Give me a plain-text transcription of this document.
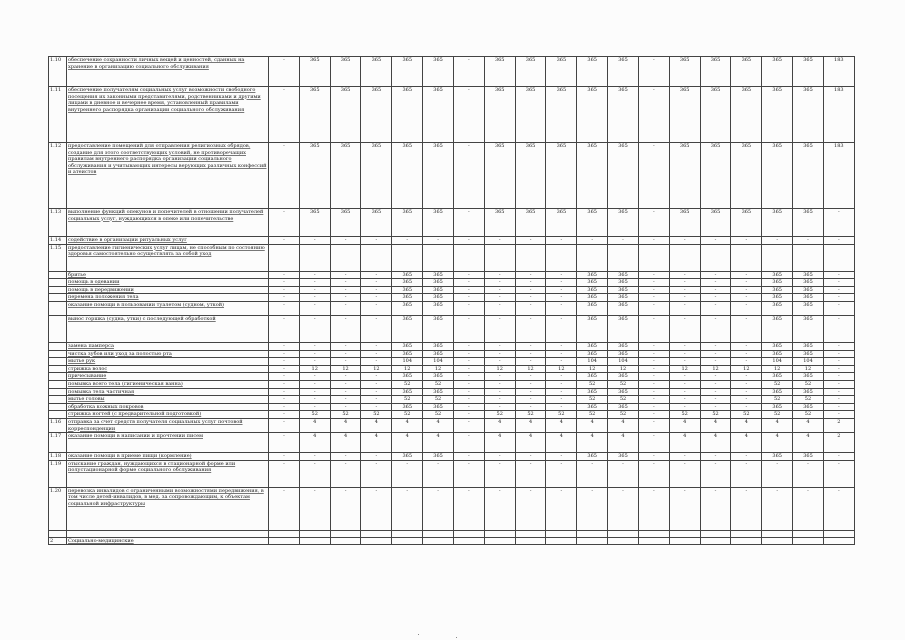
1.10	обеспечение сохранности личных вещей и ценностей, сданных на хранение в организацию социального обслуживания	-	365	365	365	365	365	-	365	365	365	365	365	-	365	365	365	365	365	183
1.11	обеспечение получателям социальных услуг возможности свободного посещения их законными представителями, родственниками и другими лицами в дневное и вечернее время, установленный правилами внутреннего распорядка организации социального обслуживания	-	365	365	365	365	365	-	365	365	365	365	365	-	365	365	365	365	365	183
1.12	предоставление помещений для отправления религиозных обрядов, создание для этого соответствующих условий, не противоречащих правилам внутреннего распорядка организации социального обслуживания и учитывающих интересы верующих различных конфессий и атеистов	-	365	365	365	365	365	-	365	365	365	365	365	-	365	365	365	365	365	183
1.13	выполнение функций опекунов и попечителей в отношении получателей социальных услуг, нуждающихся в опеке или попечительстве	-	365	365	365	365	365	-	365	365	365	365	365	-	365	365	365	365	365	-
1.14	содействие в организации ритуальных услуг	-	-	-	-	-	-	-	-	-	-	-	-	-	-	-	-	-	-	-
1.15	предоставление гигиенических услуг лицам, не способным по состоянию здоровья самостоятельно осуществлять за собой уход																			
	бритье	-	-	-	-	365	365	-	-	-	-	365	365	-	-	-	-	365	365	-
	помощь в одевании	-	-	-	-	365	365	-	-	-	-	365	365	-	-	-	-	365	365	-
	помощь в передвижении	-	-	-	-	365	365	-	-	-	-	365	365	-	-	-	-	365	365	-
	перемена положения тела	-	-	-	-	365	365	-	-	-	-	365	365	-	-	-	-	365	365	-
	оказание помощи в пользовании туалетом (судном, уткой)	-	-	-	-	365	365	-	-	-	-	365	365	-	-	-	-	365	365	-
	вынос горшка (судна, утки) с последующей обработкой	-	-	-	-	365	365	-	-	-	-	365	365	-	-	-	-	365	365	-
	замена памперса	-	-	-	-	365	365	-	-	-	-	365	365	-	-	-	-	365	365	-
	чистка зубов или уход за полостью рта	-	-	-	-	365	365	-	-	-	-	365	365	-	-	-	-	365	365	-
	мытье рук	-	-	-	-	104	104	-	-	-	-	104	104	-	-	-	-	104	104	-
	стрижка волос	-	12	12	12	12	12	-	12	12	12	12	12	-	12	12	12	12	12	-
	причесывание	-	-	-	-	365	365	-	-	-	-	365	365	-	-	-	-	365	365	-
	помывка всего тела (гигиеническая ванна)	-	-	-	-	52	52	-	-	-	-	52	52	-	-	-	-	52	52	-
	помывка тела частичная	-	-	-	-	365	365	-	-	-	-	365	365	-	-	-	-	365	365	-
	мытье головы	-	-	-	-	52	52	-	-	-	-	52	52	-	-	-	-	52	52	-
	обработка кожных покровов	-	-	-	-	365	365	-	-	-	-	365	365	-	-	-	-	365	365	-
	стрижка ногтей (с предварительной подготовкой)	-	52	52	52	52	52	-	52	52	52	52	52	-	52	52	52	52	52	-
1.16	отправка за счет средств получателя социальных услуг почтовой корреспонденции	-	4	4	4	4	4	-	4	4	4	4	4	-	4	4	4	4	4	2
1.17	оказание помощи в написании и прочтении писем	-	4	4	4	4	4	-	4	4	4	4	4	-	4	4	4	4	4	2
1.18	оказание помощи в приеме пищи (кормление)	-	-	-	-	365	365	-	-	-	-	365	365	-	-	-	-	365	365	-
1.19	отыскание граждан, нуждающихся в стационарной форме или полустационарной форме социального обслуживания	-	-	-	-	-	-	-	-	-	-	-	-	-	-	-	-	-	-	-
1.20	перевозка инвалидов с ограниченными возможностями передвижения, в том числе детей-инвалидов, в мед. за сопровождающим, к объектам социальной инфраструктуры	-	-	-	-	-	-	-	-	-	-	-	-	-	-	-	-	-	-	-

2	Социально-медицинские																			
